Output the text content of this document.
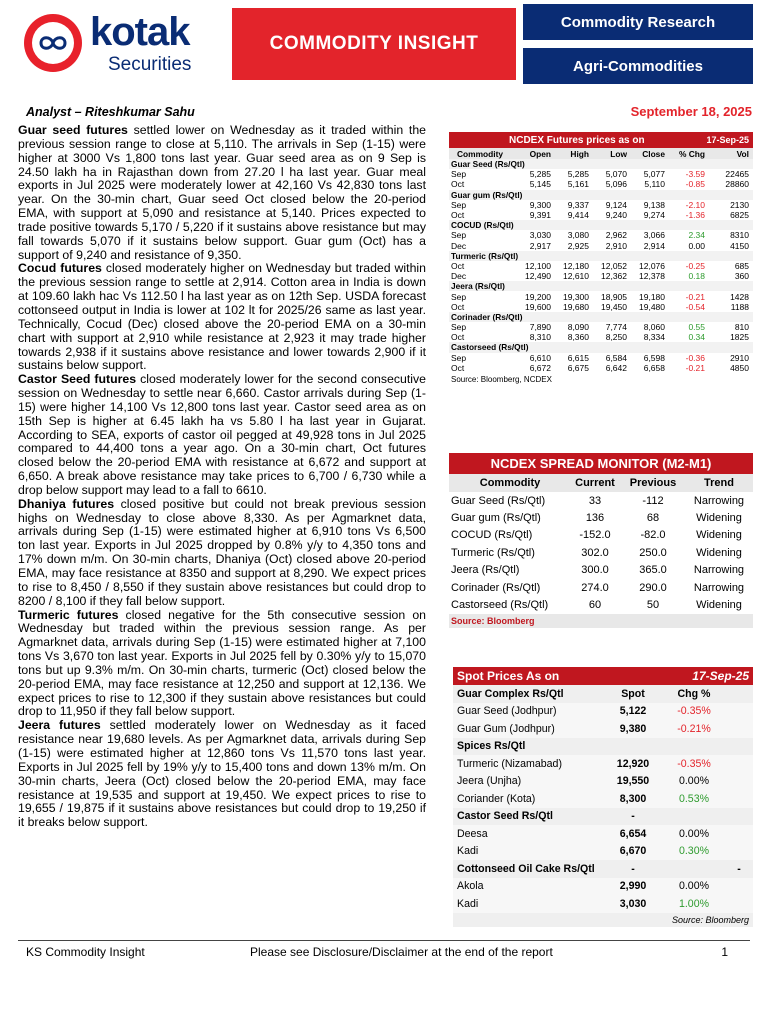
kotak
Securities
COMMODITY INSIGHT
Commodity Research
Agri-Commodities
Analyst – Riteshkumar Sahu	September 18, 2025

Guar seed futures settled lower on Wednesday as it traded within the previous session range to close at 5,110. The arrivals in Sep (1-15) were higher at 3000 Vs 1,800 tons last year. Guar seed area as on 9 Sep is 24.50 lakh ha in Rajasthan down from 27.20 l ha last year. Guar meal exports in Jul 2025 were moderately lower at 42,160 Vs 42,830 tons last year. On the 30-min chart, Guar seed Oct closed below the 20-period EMA, with support at 5,090 and resistance at 5,140. Prices expected to trade positive towards 5,170 / 5,220 if it sustains above resistance but may fall towards 5,070 if it sustains below support. Guar gum (Oct) has a support of 9,240 and resistance of 9,350.

Cocud futures closed moderately higher on Wednesday but traded within the previous session range to settle at 2,914. Cotton area in India is down at 109.60 lakh hac Vs 112.50 l ha last year as on 12th Sep. USDA forecast cottonseed output in India is lower at 102 lt for 2025/26 same as last year. Technically, Cocud (Dec) closed above the 20-period EMA on a 30-min chart with support at 2,910 while resistance at 2,923 it may trade higher towards 2,938 if it sustains above resistance and lower towards 2,900 if it sustains below support.

Castor Seed futures closed moderately lower for the second consecutive session on Wednesday to settle near 6,660. Castor arrivals during Sep (1-15) were higher 14,100 Vs 12,800 tons last year. Castor seed area as on 15th Sep is higher at 6.45 lakh ha vs 5.80 l ha last year in Gujarat. According to SEA, exports of castor oil pegged at 49,928 tons in Jul 2025 compared to 44,400 tons a year ago. On a 30-min chart, Oct futures closed below the 20-period EMA with resistance at 6,672 and support at 6,650. A break above resistance may take prices to 6,700 / 6,730 while a drop below support may lead to a fall to 6610.

Dhaniya futures closed positive but could not break previous session highs on Wednesday to close above 8,330. As per Agmarknet data, arrivals during Sep (1-15) were estimated higher at 6,910 tons Vs 6,500 ton last year. Exports in Jul 2025 dropped by 0.8% y/y to 4,350 tons and 17% down m/m. On 30-min charts, Dhaniya (Oct) closed above 20-period EMA, may face resistance at 8350 and support at 8,290. We expect prices to rise to 8,450 / 8,550 if they sustain above resistances but could drop to 8200 / 8,100 if they fall below support.

Turmeric futures closed negative for the 5th consecutive session on Wednesday but traded within the previous session range. As per Agmarknet data, arrivals during Sep (1-15) were estimated higher at 7,100 tons Vs 3,670 ton last year. Exports in Jul 2025 fell by 0.30% y/y to 15,070 tons but up 9.3% m/m. On 30-min charts, turmeric (Oct) closed below the 20-period EMA, may face resistance at 12,250 and support at 12,136. We expect prices to rise to 12,300 if they sustain above resistances but could drop to 11,950 if they fall below support.

Jeera futures settled moderately lower on Wednesday as it faced resistance near 19,680 levels. As per Agmarknet data, arrivals during Sep (1-15) were estimated higher at 12,860 tons Vs 11,570 tons last year. Exports in Jul 2025 fell by 19% y/y to 15,400 tons and down 13% m/m. On 30-min charts, Jeera (Oct) closed below the 20-period EMA, may face resistance at 19,535 and support at 19,450. We expect prices to rise to 19,655 / 19,875 if it sustains above resistances but could drop to 19,250 if it breaks below support.

NCDEX Futures prices as on	17-Sep-25
Commodity	Open	High	Low	Close	% Chg	Vol
Guar Seed (Rs/Qtl)
Sep	5,285	5,285	5,070	5,077	-3.59	22465
Oct	5,145	5,161	5,096	5,110	-0.85	28860
Guar gum (Rs/Qtl)
Sep	9,300	9,337	9,124	9,138	-2.10	2130
Oct	9,391	9,414	9,240	9,274	-1.36	6825
COCUD (Rs/Qtl)
Sep	3,030	3,080	2,962	3,066	2.34	8310
Dec	2,917	2,925	2,910	2,914	0.00	4150
Turmeric (Rs/Qtl)
Oct	12,100	12,180	12,052	12,076	-0.25	685
Dec	12,490	12,610	12,362	12,378	0.18	360
Jeera (Rs/Qtl)
Sep	19,200	19,300	18,905	19,180	-0.21	1428
Oct	19,600	19,680	19,450	19,480	-0.54	1188
Corinader (Rs/Qtl)
Sep	7,890	8,090	7,774	8,060	0.55	810
Oct	8,310	8,360	8,250	8,334	0.34	1825
Castorseed (Rs/Qtl)
Sep	6,610	6,615	6,584	6,598	-0.36	2910
Oct	6,672	6,675	6,642	6,658	-0.21	4850
Source: Bloomberg, NCDEX
NCDEX SPREAD MONITOR (M2-M1)
Commodity	Current	Previous	Trend
Guar Seed (Rs/Qtl)	33	-112	Narrowing
Guar gum (Rs/Qtl)	136	68	Widening
COCUD (Rs/Qtl)	-152.0	-82.0	Widening
Turmeric (Rs/Qtl)	302.0	250.0	Widening
Jeera (Rs/Qtl)	300.0	365.0	Narrowing
Corinader (Rs/Qtl)	274.0	290.0	Narrowing
Castorseed (Rs/Qtl)	60	50	Widening
Source: Bloomberg
Spot Prices As on	17-Sep-25
Guar Complex Rs/Qtl	Spot	Chg %
Guar Seed (Jodhpur)	5,122	-0.35%
Guar Gum (Jodhpur)	9,380	-0.21%
Spices Rs/Qtl
Turmeric (Nizamabad)	12,920	-0.35%
Jeera (Unjha)	19,550	0.00%
Coriander (Kota)	8,300	0.53%
Castor Seed Rs/Qtl	-
Deesa	6,654	0.00%
Kadi	6,670	0.30%
Cottonseed Oil Cake Rs/Qtl	-	-
Akola	2,990	0.00%
Kadi	3,030	1.00%
Source: Bloomberg
KS Commodity Insight	Please see Disclosure/Disclaimer at the end of the report	1
